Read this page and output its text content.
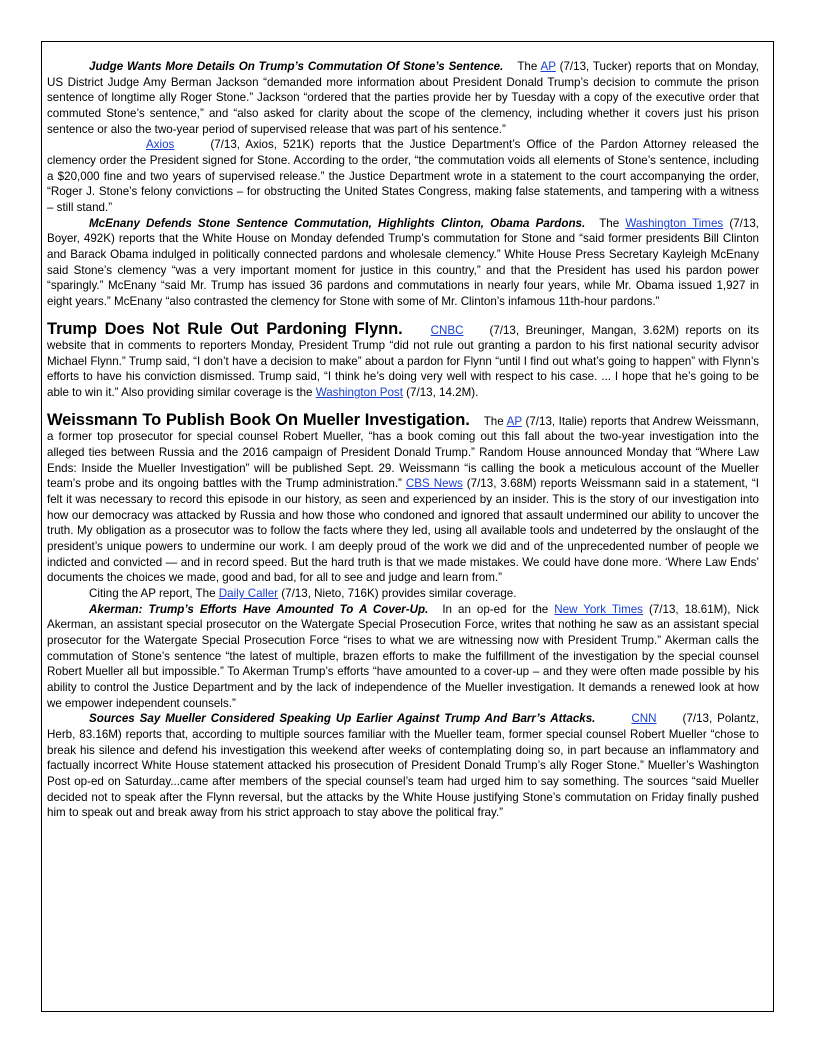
Judge Wants More Details On Trump’s Commutation Of Stone’s Sentence. The AP (7/13, Tucker) reports that on Monday, US District Judge Amy Berman Jackson “demanded more information about President Donald Trump’s decision to commute the prison sentence of longtime ally Roger Stone.” Jackson “ordered that the parties provide her by Tuesday with a copy of the executive order that commuted Stone’s sentence,” and “also asked for clarity about the scope of the clemency, including whether it covers just his prison sentence or also the two-year period of supervised release that was part of his sentence.”

Axios	(7/13, Axios, 521K) reports that the Justice Department’s Office of the Pardon Attorney released the clemency order the President signed for Stone. According to the order, “the commutation voids all elements of Stone’s sentence, including a $20,000 fine and two years of supervised release.” the Justice Department wrote in a statement to the court accompanying the order, “Roger J. Stone’s felony convictions – for obstructing the United States Congress, making false statements, and tampering with a witness – still stand.”

McEnany Defends Stone Sentence Commutation, Highlights Clinton, Obama Pardons. The Washington Times (7/13, Boyer, 492K) reports that the White House on Monday defended Trump’s commutation for Stone and “said former presidents Bill Clinton and Barack Obama indulged in politically connected pardons and wholesale clemency.” White House Press Secretary Kayleigh McEnany said Stone’s clemency “was a very important moment for justice in this country,” and that the President has used his pardon power “sparingly.” McEnany “said Mr. Trump has issued 36 pardons and commutations in nearly four years, while Mr. Obama issued 1,927 in eight years.” McEnany “also contrasted the clemency for Stone with some of Mr. Clinton’s infamous 11th-hour pardons.”

Trump Does Not Rule Out Pardoning Flynn. CNBC (7/13, Breuninger, Mangan, 3.62M) reports on its website that in comments to reporters Monday, President Trump “did not rule out granting a pardon to his first national security advisor Michael Flynn.” Trump said, “I don’t have a decision to make” about a pardon for Flynn “until I find out what’s going to happen” with Flynn’s efforts to have his conviction dismissed. Trump said, “I think he’s doing very well with respect to his case. ... I hope that he’s going to be able to win it.” Also providing similar coverage is the Washington Post (7/13, 14.2M).

Weissmann To Publish Book On Mueller Investigation. The AP (7/13, Italie) reports that Andrew Weissmann, a former top prosecutor for special counsel Robert Mueller, “has a book coming out this fall about the two-year investigation into the alleged ties between Russia and the 2016 campaign of President Donald Trump.” Random House announced Monday that “Where Law Ends: Inside the Mueller Investigation” will be published Sept. 29. Weissmann “is calling the book a meticulous account of the Mueller team’s probe and its ongoing battles with the Trump administration.” CBS News (7/13, 3.68M) reports Weissmann said in a statement, “I felt it was necessary to record this episode in our history, as seen and experienced by an insider. This is the story of our investigation into how our democracy was attacked by Russia and how those who condoned and ignored that assault undermined our ability to uncover the truth. My obligation as a prosecutor was to follow the facts where they led, using all available tools and undeterred by the onslaught of the president’s unique powers to undermine our work. I am deeply proud of the work we did and of the unprecedented number of people we indicted and convicted — and in record speed. But the hard truth is that we made mistakes. We could have done more. ‘Where Law Ends’ documents the choices we made, good and bad, for all to see and judge and learn from.”

Citing the AP report, The Daily Caller (7/13, Nieto, 716K) provides similar coverage.

Akerman: Trump’s Efforts Have Amounted To A Cover-Up. In an op-ed for the New York Times (7/13, 18.61M), Nick Akerman, an assistant special prosecutor on the Watergate Special Prosecution Force, writes that nothing he saw as an assistant special prosecutor for the Watergate Special Prosecution Force “rises to what we are witnessing now with President Trump.” Akerman calls the commutation of Stone’s sentence “the latest of multiple, brazen efforts to make the fulfillment of the investigation by the special counsel Robert Mueller all but impossible.” To Akerman Trump’s efforts “have amounted to a cover-up – and they were often made possible by his ability to control the Justice Department and by the lack of independence of the Mueller investigation. It demands a renewed look at how we empower independent counsels.”

Sources Say Mueller Considered Speaking Up Earlier Against Trump And Barr’s Attacks.	CNN (7/13, Polantz, Herb, 83.16M) reports that, according to multiple sources familiar with the Mueller team, former special counsel Robert Mueller “chose to break his silence and defend his investigation this weekend after weeks of contemplating doing so, in part because an inflammatory and factually incorrect White House statement attacked his prosecution of President Donald Trump’s ally Roger Stone.” Mueller’s Washington Post op-ed on Saturday...came after members of the special counsel’s team had urged him to say something. The sources “said Mueller decided not to speak after the Flynn reversal, but the attacks by the White House justifying Stone’s commutation on Friday finally pushed him to speak out and break away from his strict approach to stay above the political fray.”
